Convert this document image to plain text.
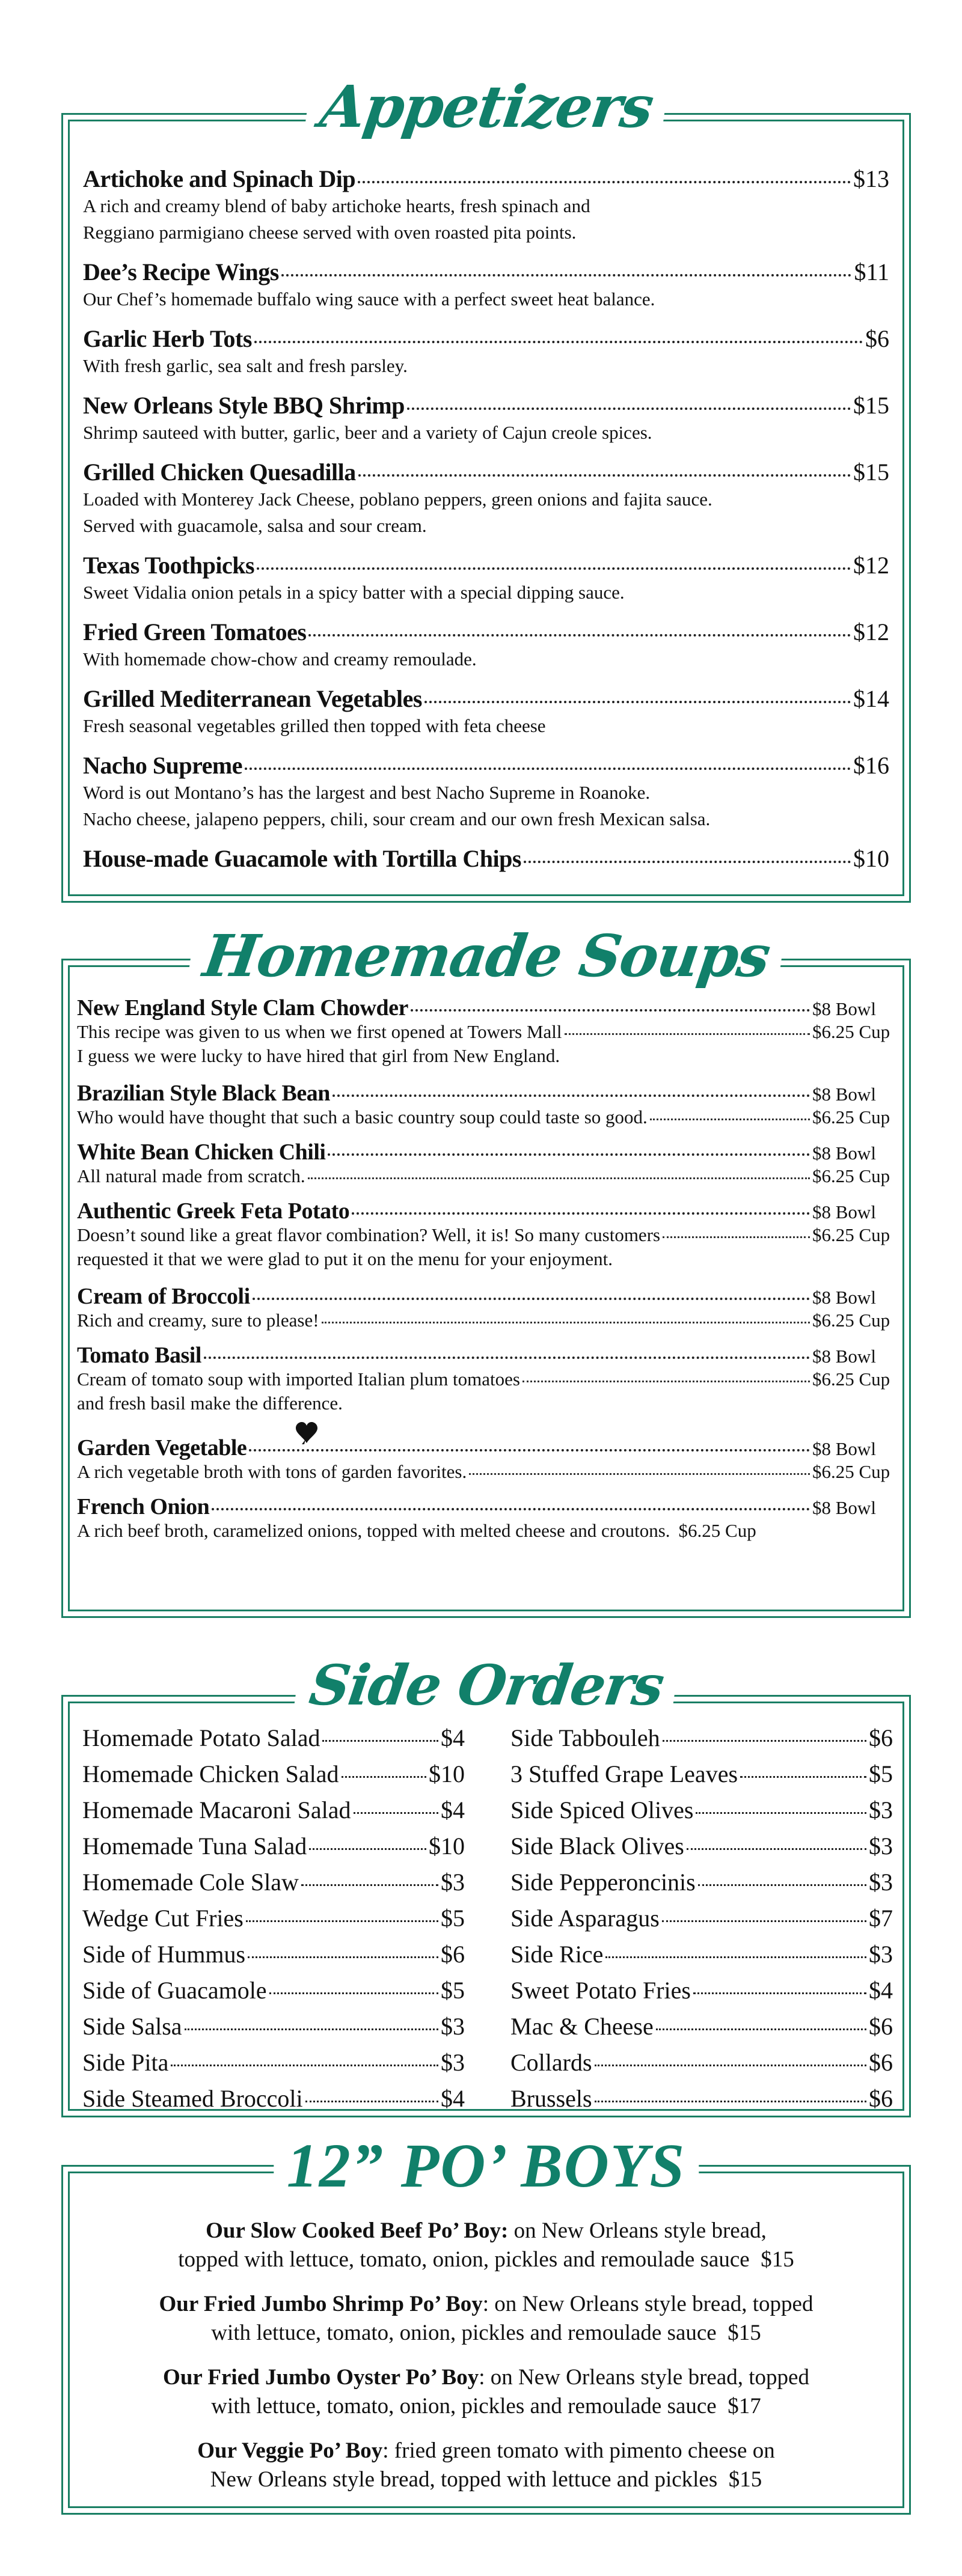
Appetizers
Artichoke and Spinach Dip	$13
A rich and creamy blend of baby artichoke hearts, fresh spinach and
Reggiano parmigiano cheese served with oven roasted pita points.
Dee’s Recipe Wings	$11
Our Chef’s homemade buffalo wing sauce with a perfect sweet heat balance.
Garlic Herb Tots	$6
With fresh garlic, sea salt and fresh parsley.
New Orleans Style BBQ Shrimp	$15
Shrimp sauteed with butter, garlic, beer and a variety of Cajun creole spices.
Grilled Chicken Quesadilla	$15
Loaded with Monterey Jack Cheese, poblano peppers, green onions and fajita sauce.
Served with guacamole, salsa and sour cream.
Texas Toothpicks	$12
Sweet Vidalia onion petals in a spicy batter with a special dipping sauce.
Fried Green Tomatoes	$12
With homemade chow-chow and creamy remoulade.
Grilled Mediterranean Vegetables	$14
Fresh seasonal vegetables grilled then topped with feta cheese
Nacho Supreme	$16
Word is out Montano’s has the largest and best Nacho Supreme in Roanoke.
Nacho cheese, jalapeno peppers, chili, sour cream and our own fresh Mexican salsa.
House-made Guacamole with Tortilla Chips	$10
Homemade Soups
New England Style Clam Chowder	$8 Bowl
This recipe was given to us when we first opened at Towers Mall	$6.25 Cup
I guess we were lucky to have hired that girl from New England.
Brazilian Style Black Bean	$8 Bowl
Who would have thought that such a basic country soup could taste so good.	$6.25 Cup
White Bean Chicken Chili	$8 Bowl
All natural made from scratch.	$6.25 Cup
Authentic Greek Feta Potato	$8 Bowl
Doesn’t sound like a great flavor combination? Well, it is! So many customers	$6.25 Cup
requested it that we were glad to put it on the menu for your enjoyment.
Cream of Broccoli	$8 Bowl
Rich and creamy, sure to please!	$6.25 Cup
Tomato Basil	$8 Bowl
Cream of tomato soup with imported Italian plum tomatoes	$6.25 Cup
and fresh basil make the difference.
Garden Vegetable	$8 Bowl
A rich vegetable broth with tons of garden favorites.	$6.25 Cup
French Onion	$8 Bowl
A rich beef broth, caramelized onions, topped with melted cheese and croutons. $6.25 Cup
Side Orders
Homemade Potato Salad	$4
Homemade Chicken Salad	$10
Homemade Macaroni Salad	$4
Homemade Tuna Salad	$10
Homemade Cole Slaw	$3
Wedge Cut Fries	$5
Side of Hummus	$6
Side of Guacamole	$5
Side Salsa	$3
Side Pita	$3
Side Steamed Broccoli	$4
Side Tabbouleh	$6
3 Stuffed Grape Leaves	$5
Side Spiced Olives	$3
Side Black Olives	$3
Side Pepperoncinis	$3
Side Asparagus	$7
Side Rice	$3
Sweet Potato Fries	$4
Mac & Cheese	$6
Collards	$6
Brussels	$6
12” PO’ BOYS
Our Slow Cooked Beef Po’ Boy: on New Orleans style bread,
topped with lettuce, tomato, onion, pickles and remoulade sauce $15
Our Fried Jumbo Shrimp Po’ Boy: on New Orleans style bread, topped
with lettuce, tomato, onion, pickles and remoulade sauce $15
Our Fried Jumbo Oyster Po’ Boy: on New Orleans style bread, topped
with lettuce, tomato, onion, pickles and remoulade sauce $17
Our Veggie Po’ Boy: fried green tomato with pimento cheese on
New Orleans style bread, topped with lettuce and pickles $15
